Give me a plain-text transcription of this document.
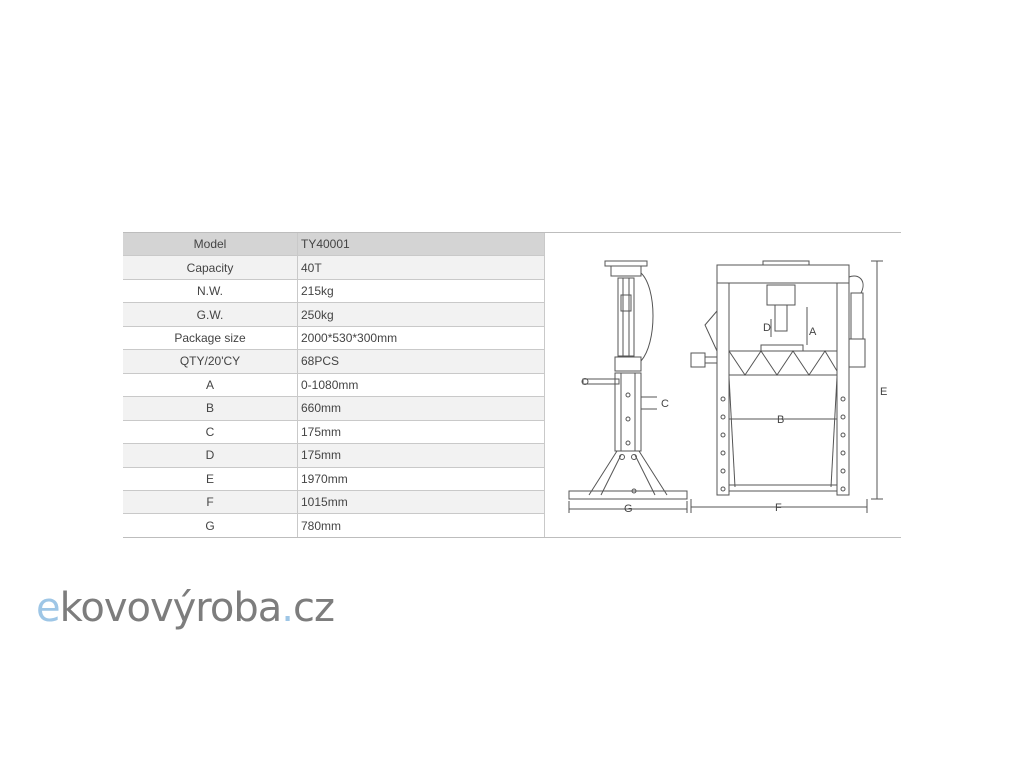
Model	TY40001
Capacity	40T
N.W.	215kg
G.W.	250kg
Package size	2000*530*300mm
QTY/20'CY	68PCS
A	0-1080mm
B	660mm
C	175mm
D	175mm
E	1970mm
F	1015mm
G	780mm
C
G
D	A
B
E
F
ekovovýroba.cz
